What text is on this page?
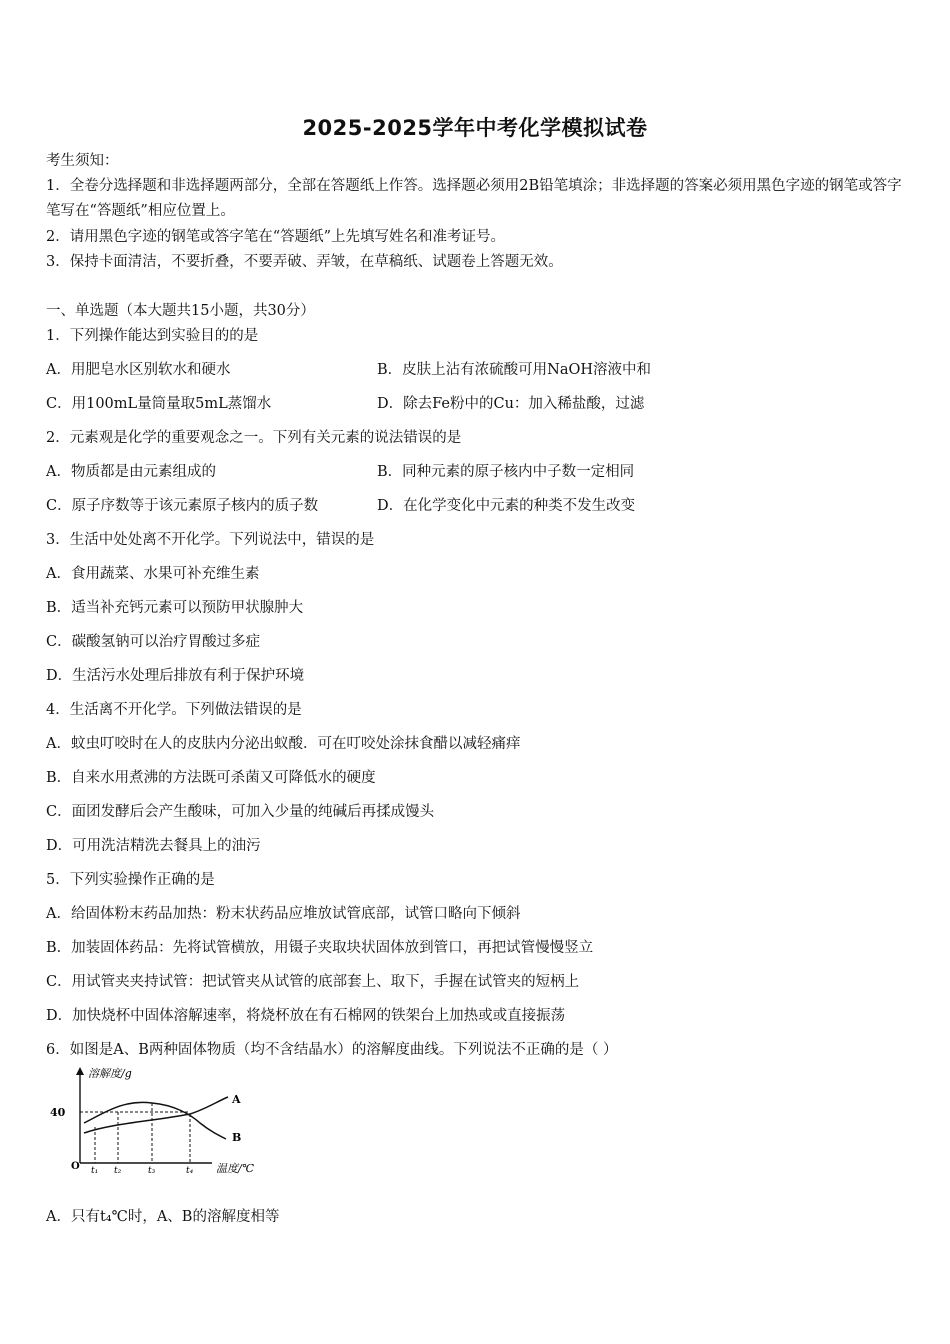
2025-2025学年中考化学模拟试卷
考生须知：
1．全卷分选择题和非选择题两部分，全部在答题纸上作答。选择题必须用2B铅笔填涂；非选择题的答案必须用黑色字迹的钢笔或答字笔写在“答题纸”相应位置上。
2．请用黑色字迹的钢笔或答字笔在“答题纸”上先填写姓名和准考证号。
3．保持卡面清洁，不要折叠，不要弄破、弄皱，在草稿纸、试题卷上答题无效。
一、单选题（本大题共15小题，共30分）
1．下列操作能达到实验目的的是
A．用肥皂水区别软水和硬水	B．皮肤上沾有浓硫酸可用NaOH溶液中和
C．用100mL量筒量取5mL蒸馏水	D．除去Fe粉中的Cu：加入稀盐酸，过滤
2．元素观是化学的重要观念之一。下列有关元素的说法错误的是
A．物质都是由元素组成的	B．同种元素的原子核内中子数一定相同
C．原子序数等于该元素原子核内的质子数	D．在化学变化中元素的种类不发生改变
3．生活中处处离不开化学。下列说法中，错误的是
A．食用蔬菜、水果可补充维生素
B．适当补充钙元素可以预防甲状腺肿大
C．碳酸氢钠可以治疗胃酸过多症
D．生活污水处理后排放有利于保护环境
4．生活离不开化学。下列做法错误的是
A．蚊虫叮咬时在人的皮肤内分泌出蚁酸．可在叮咬处涂抹食醋以减轻痛痒
B．自来水用煮沸的方法既可杀菌又可降低水的硬度
C．面团发酵后会产生酸味，可加入少量的纯碱后再揉成馒头
D．可用洗洁精洗去餐具上的油污
5．下列实验操作正确的是
A．给固体粉末药品加热：粉末状药品应堆放试管底部，试管口略向下倾斜
B．加装固体药品：先将试管横放，用镊子夹取块状固体放到管口，再把试管慢慢竖立
C．用试管夹夹持试管：把试管夹从试管的底部套上、取下，手握在试管夹的短柄上
D．加快烧杯中固体溶解速率，将烧杯放在有石棉网的铁架台上加热或或直接振荡
6．如图是A、B两种固体物质（均不含结晶水）的溶解度曲线。下列说法不正确的是（ ）
溶解度/g
40
O t₁ t₂	t₃	t₄ 温度/℃
A
B
A．只有t₄℃时，A、B的溶解度相等
